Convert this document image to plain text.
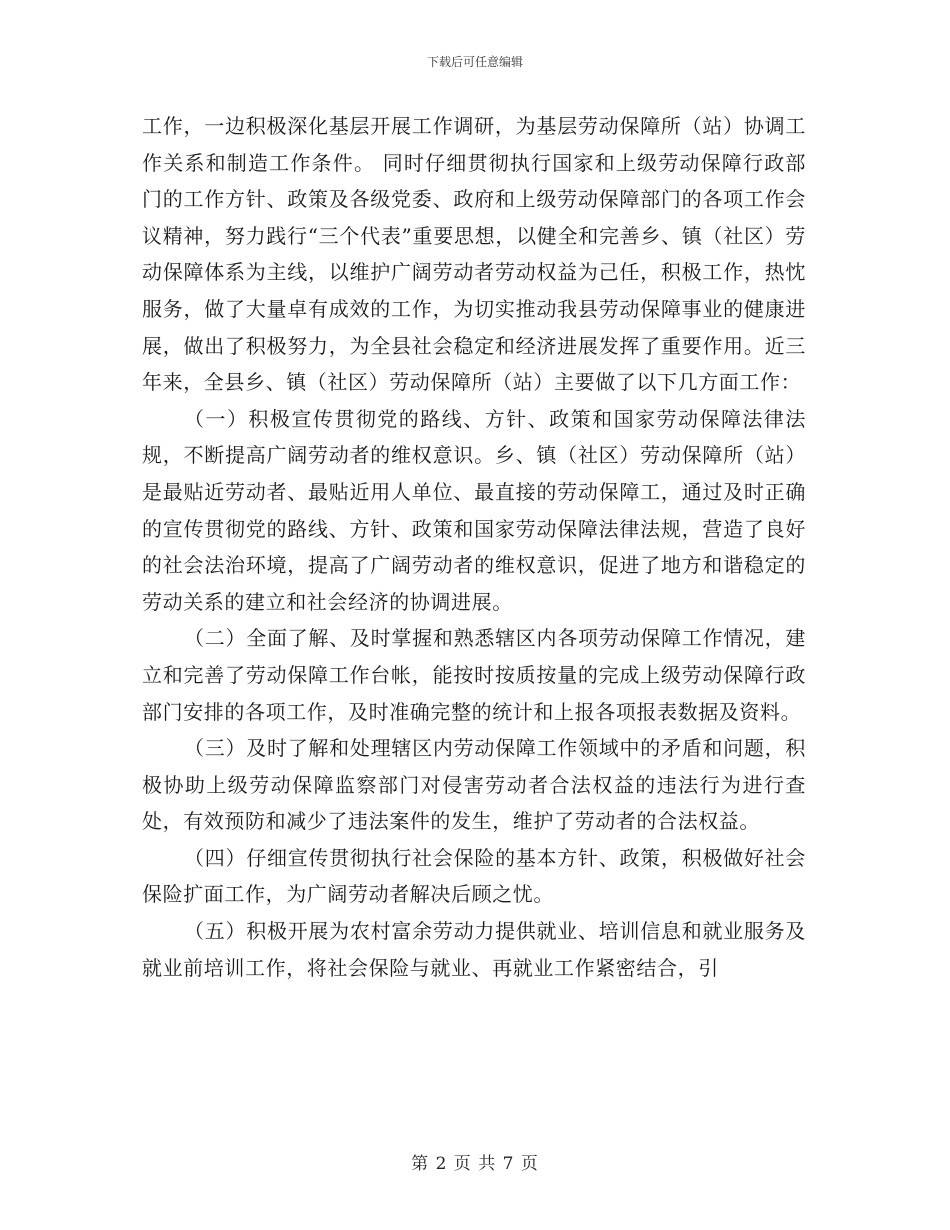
下载后可任意编辑

工作，一边积极深化基层开展工作调研，为基层劳动保障所（站）协调工作关系和制造工作条件。 同时仔细贯彻执行国家和上级劳动保障行政部门的工作方针、政策及各级党委、政府和上级劳动保障部门的各项工作会议精神，努力践行“三个代表”重要思想，以健全和完善乡、镇（社区）劳动保障体系为主线，以维护广阔劳动者劳动权益为己任，积极工作，热忱服务，做了大量卓有成效的工作，为切实推动我县劳动保障事业的健康进展，做出了积极努力，为全县社会稳定和经济进展发挥了重要作用。近三年来，全县乡、镇（社区）劳动保障所（站）主要做了以下几方面工作：

（一）积极宣传贯彻党的路线、方针、政策和国家劳动保障法律法规，不断提高广阔劳动者的维权意识。乡、镇（社区）劳动保障所（站）是最贴近劳动者、最贴近用人单位、最直接的劳动保障工，通过及时正确的宣传贯彻党的路线、方针、政策和国家劳动保障法律法规，营造了良好的社会法治环境，提高了广阔劳动者的维权意识，促进了地方和谐稳定的劳动关系的建立和社会经济的协调进展。

（二）全面了解、及时掌握和熟悉辖区内各项劳动保障工作情况，建立和完善了劳动保障工作台帐，能按时按质按量的完成上级劳动保障行政部门安排的各项工作，及时准确完整的统计和上报各项报表数据及资料。

（三）及时了解和处理辖区内劳动保障工作领域中的矛盾和问题，积极协助上级劳动保障监察部门对侵害劳动者合法权益的违法行为进行查处，有效预防和减少了违法案件的发生，维护了劳动者的合法权益。

（四）仔细宣传贯彻执行社会保险的基本方针、政策，积极做好社会保险扩面工作，为广阔劳动者解决后顾之忧。

（五）积极开展为农村富余劳动力提供就业、培训信息和就业服务及就业前培训工作，将社会保险与就业、再就业工作紧密结合，引

第 2 页 共 7 页
